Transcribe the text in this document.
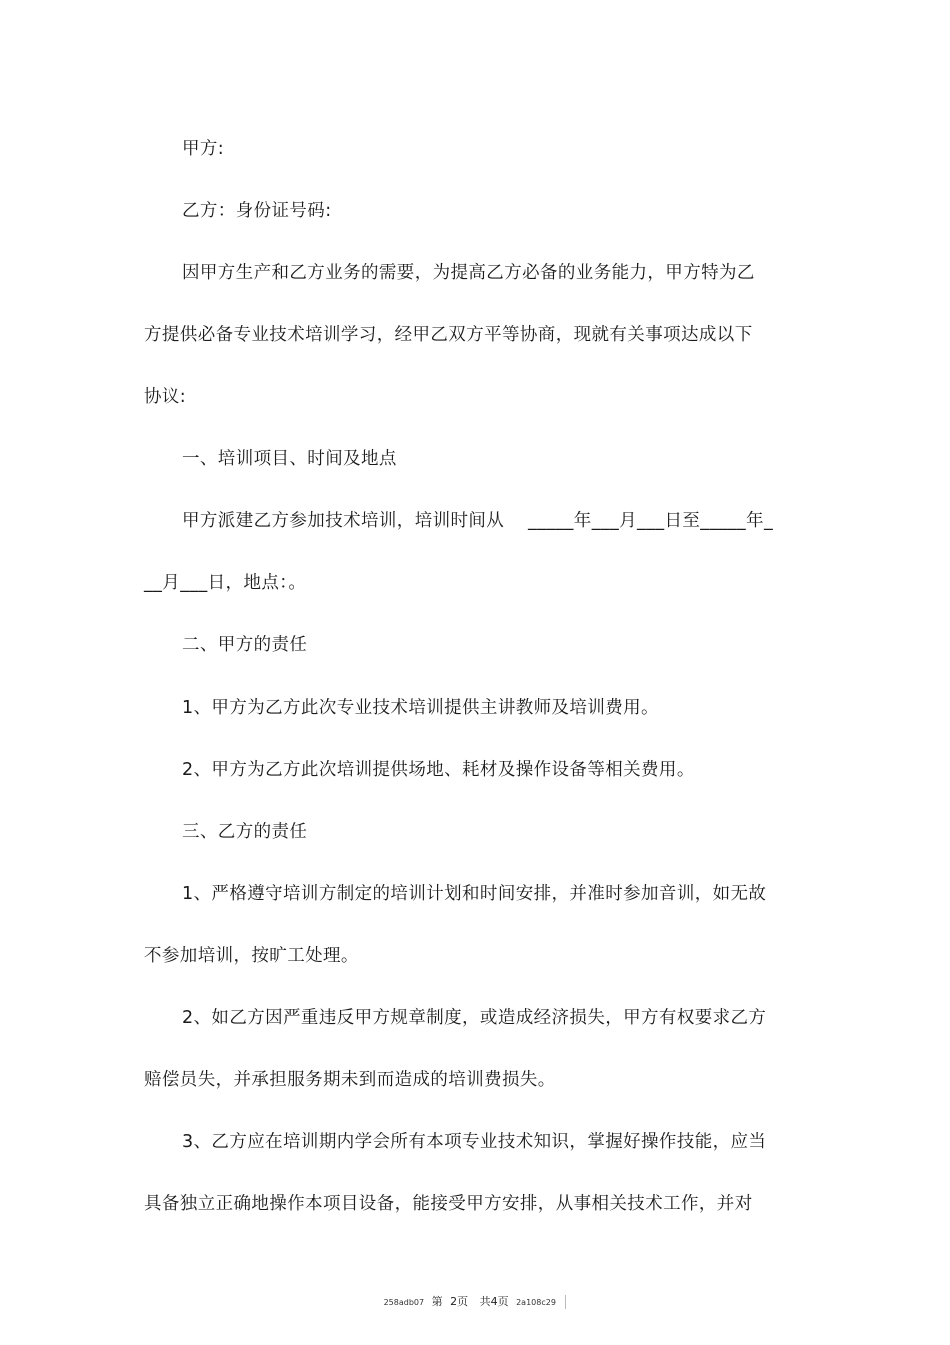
甲方:
乙方：身份证号码:
因甲方生产和乙方业务的需要，为提高乙方必备的业务能力，甲方特为乙
方提供必备专业技术培训学习，经甲乙双方平等协商，现就有关事项达成以下
协议:
一、培训项目、时间及地点
甲方派建乙方参加技术培训，培训时间从　 _____年___月___日至_____年_
__月___日，地点：。
二、甲方的责任
1、甲方为乙方此次专业技术培训提供主讲教师及培训费用。
2、甲方为乙方此次培训提供场地、耗材及操作设备等相关费用。
三、乙方的责任
1、严格遵守培训方制定的培训计划和时间安排，并准时参加音训，如无故
不参加培训，按旷工处理。
2、如乙方因严重违反甲方规章制度，或造成经济损失，甲方有权要求乙方
赔偿员失，并承担服务期未到而造成的培训费损失。
3、乙方应在培训期内学会所有本项专业技术知识，掌握好操作技能，应当
具备独立正确地操作本项目设备，能接受甲方安排，从事相关技术工作，并对
258adb07 第 2页 共4页 2a108c29
